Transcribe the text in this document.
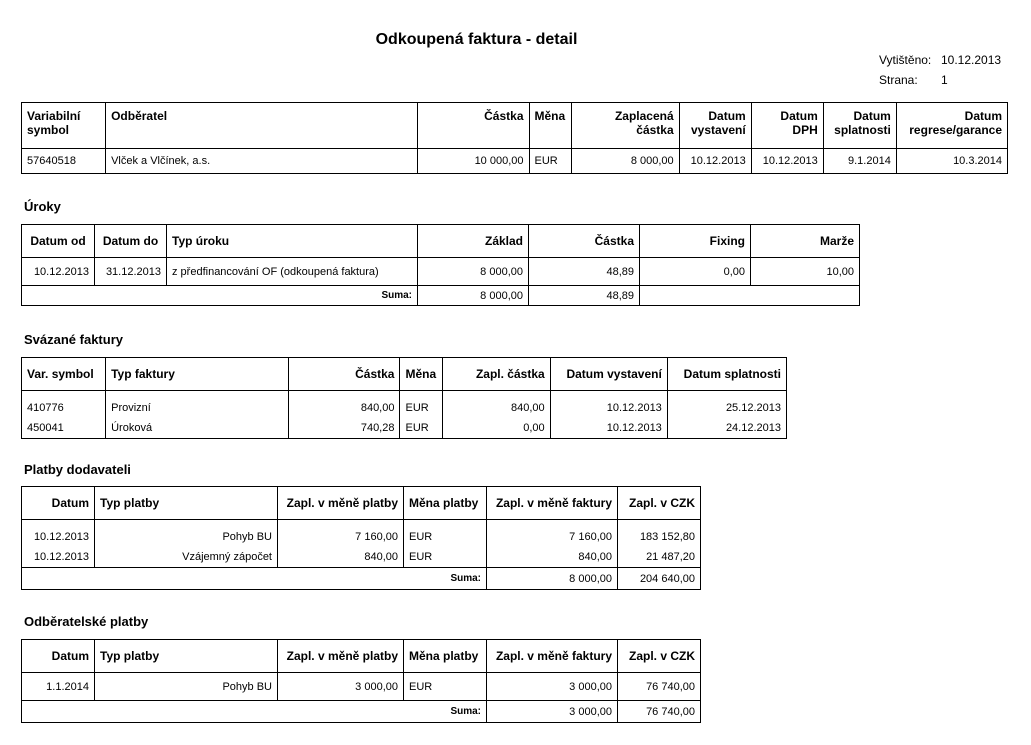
Odkoupená faktura - detail
Vytištěno: 10.12.2013
Strana: 1
Variabilní symbol	Odběratel	Částka	Měna	Zaplacená částka	Datum vystavení	Datum DPH	Datum splatnosti	Datum regrese/garance
57640518	Vlček a Vlčínek, a.s.	10 000,00	EUR	8 000,00	10.12.2013	10.12.2013	9.1.2014	10.3.2014
Úroky
Datum od	Datum do	Typ úroku	Základ	Částka	Fixing	Marže
10.12.2013	31.12.2013	z předfinancování OF (odkoupená faktura)	8 000,00	48,89	0,00	10,00
Suma:			8 000,00	48,89		
Svázané faktury
Var. symbol	Typ faktury	Částka	Měna	Zapl. částka	Datum vystavení	Datum splatnosti

410776	Provizní	840,00	EUR	840,00	10.12.2013	25.12.2013
450041	Úroková	740,28	EUR	0,00	10.12.2013	24.12.2013
Platby dodavateli
Datum	Typ platby	Zapl. v měně platby	Měna platby	Zapl. v měně faktury	Zapl. v CZK

10.12.2013	Pohyb BU	7 160,00	EUR	7 160,00	183 152,80
10.12.2013	Vzájemný zápočet	840,00	EUR	840,00	21 487,20
Suma:				8 000,00	204 640,00
Odběratelské platby
Datum	Typ platby	Zapl. v měně platby	Měna platby	Zapl. v měně faktury	Zapl. v CZK
1.1.2014	Pohyb BU	3 000,00	EUR	3 000,00	76 740,00
Suma:				3 000,00	76 740,00
